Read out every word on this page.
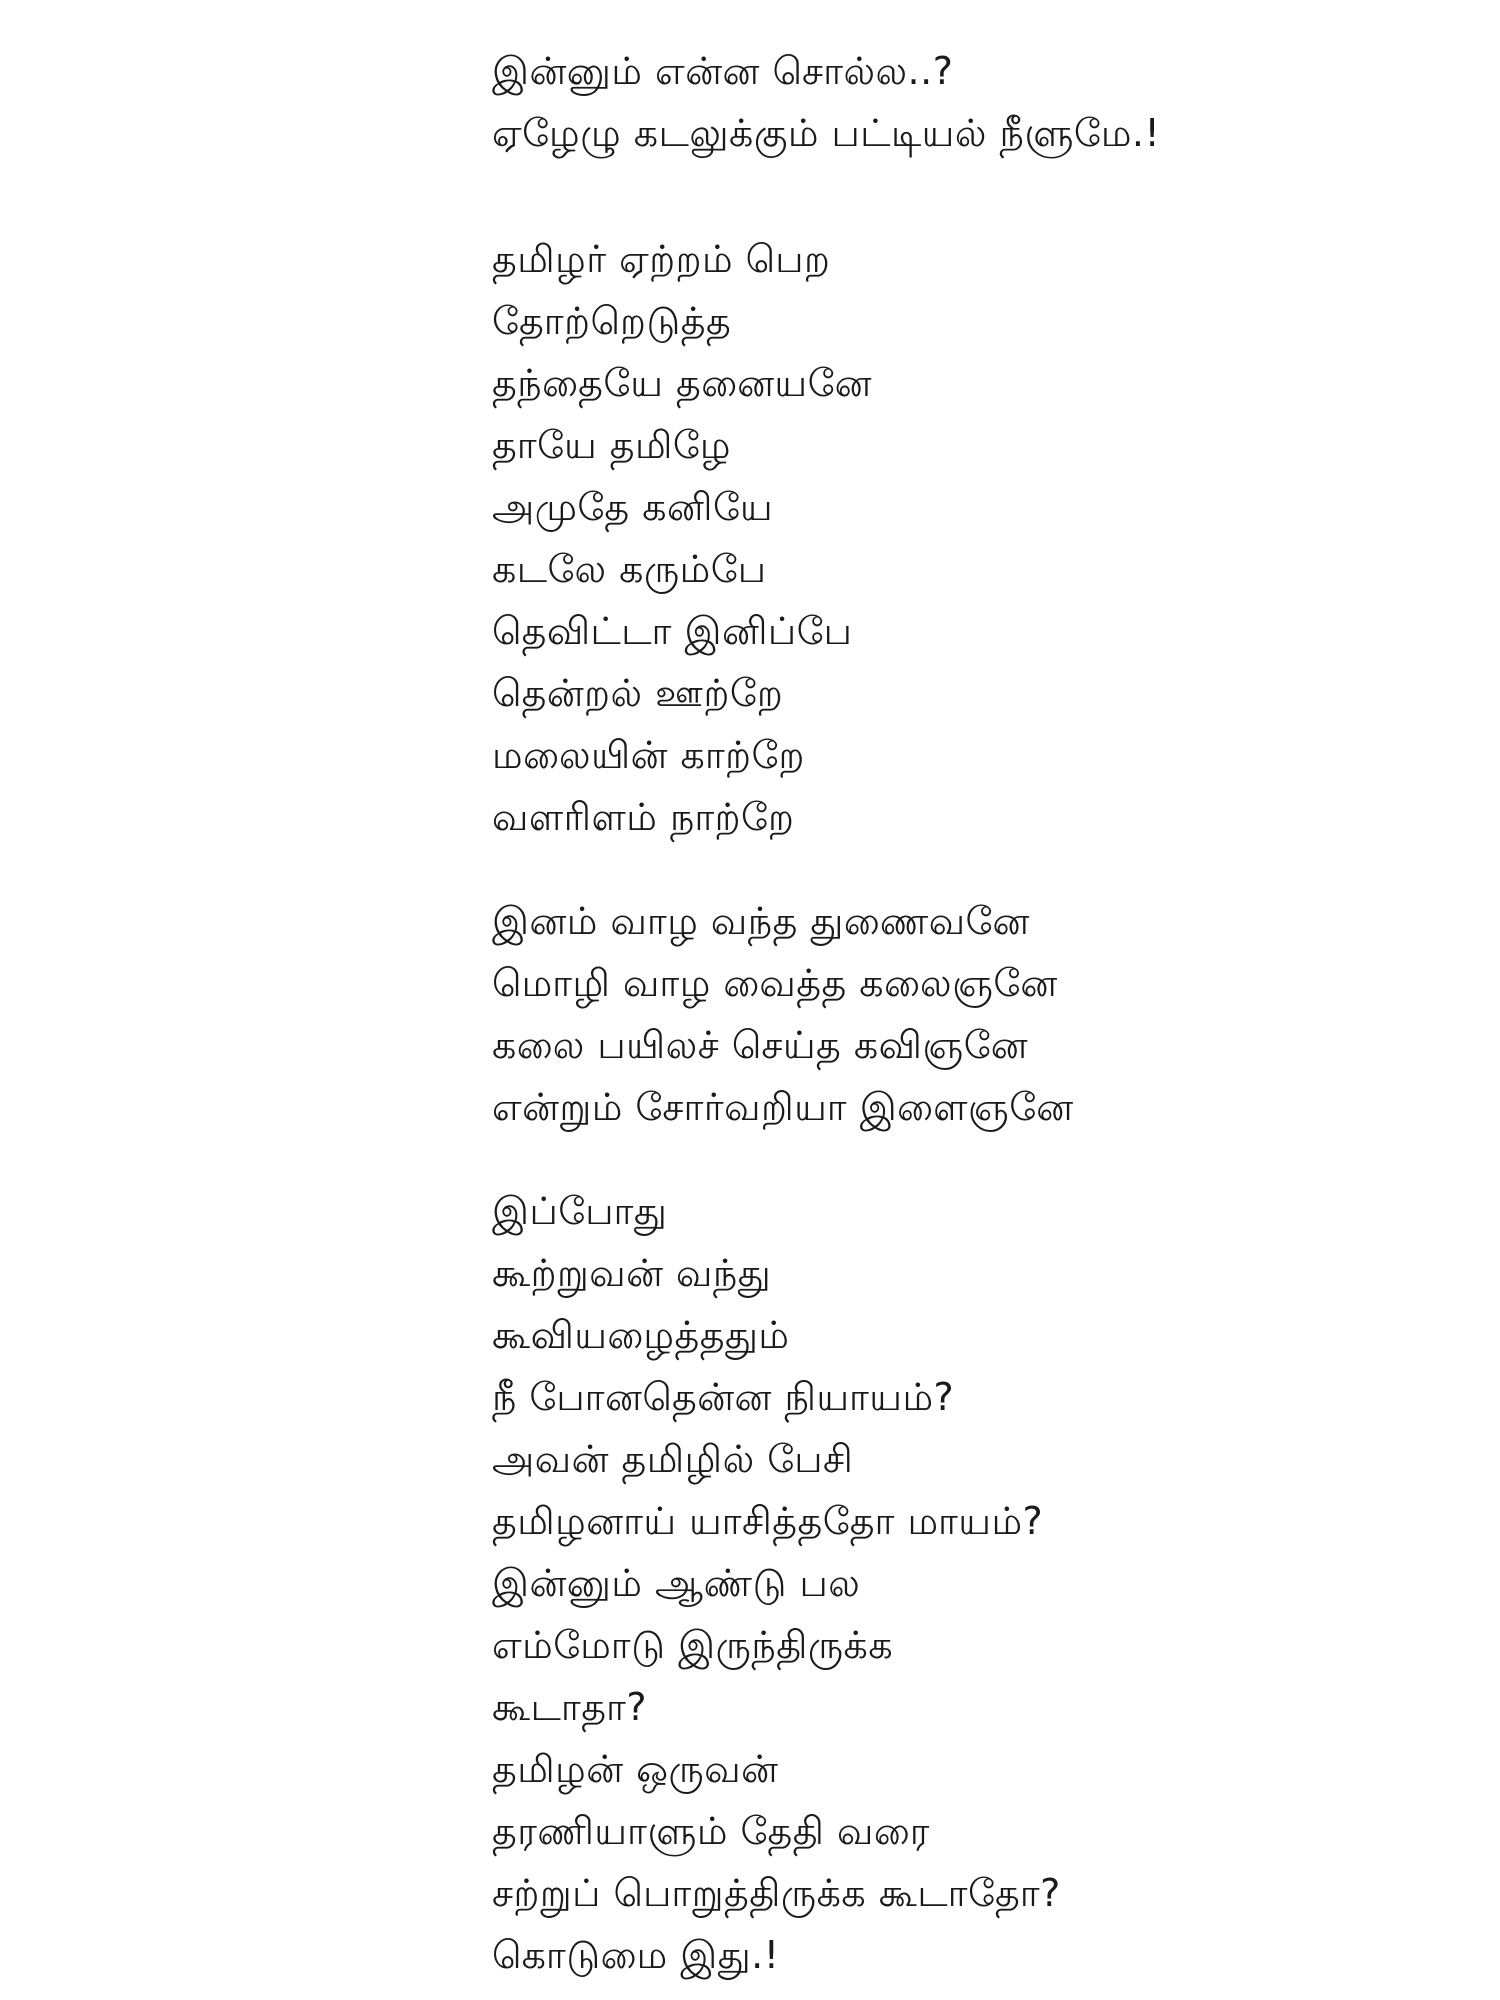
இன்னும் என்ன சொல்ல..?
ஏழேழு கடலுக்கும் பட்டியல் நீளுமே.!
தமிழர் ஏற்றம் பெற
தோற்றெடுத்த
தந்தையே தனையனே
தாயே தமிழே
அமுதே கனியே
கடலே கரும்பே
தெவிட்டா இனிப்பே
தென்றல் ஊற்றே
மலையின் காற்றே
வளரிளம் நாற்றே
இனம் வாழ வந்த துணைவனே
மொழி வாழ வைத்த கலைஞனே
கலை பயிலச் செய்த கவிஞனே
என்றும் சோர்வறியா இளைஞனே
இப்போது
கூற்றுவன் வந்து
கூவியழைத்ததும்
நீ போனதென்ன நியாயம்?
அவன் தமிழில் பேசி
தமிழனாய் யாசித்ததோ மாயம்?
இன்னும் ஆண்டு பல
எம்மோடு இருந்திருக்க
கூடாதா?
தமிழன் ஒருவன்
தரணியாளும் தேதி வரை
சற்றுப் பொறுத்திருக்க கூடாதோ?
கொடுமை இது.!
